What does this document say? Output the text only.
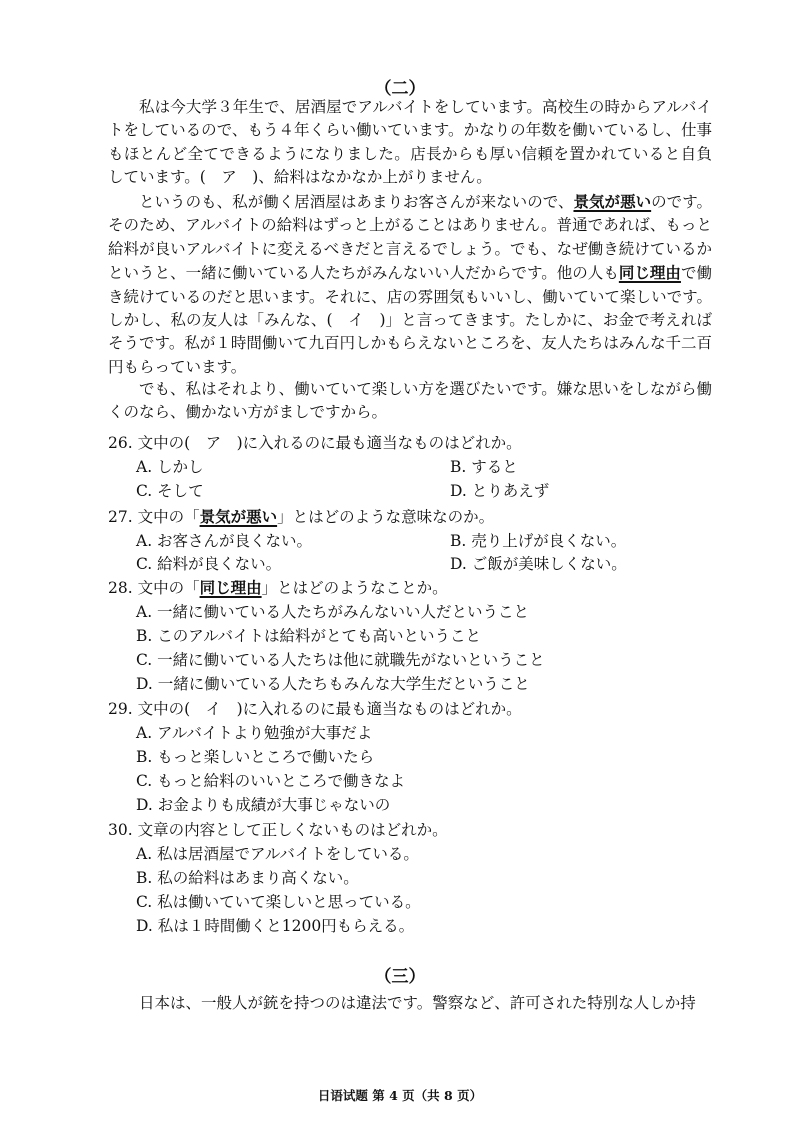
（二）
私は今大学３年生で、居酒屋でアルバイトをしています。高校生の時からアルバイトをしているので、もう４年くらい働いています。かなりの年数を働いているし、仕事もほとんど全てできるようになりました。店長からも厚い信頼を置かれていると自負しています。(　ア　)、給料はなかなか上がりません。
というのも、私が働く居酒屋はあまりお客さんが来ないので、景気が悪いのです。そのため、アルバイトの給料はずっと上がることはありません。普通であれば、もっと給料が良いアルバイトに変えるべきだと言えるでしょう。でも、なぜ働き続けているかというと、一緒に働いている人たちがみんないい人だからです。他の人も同じ理由で働き続けているのだと思います。それに、店の雰囲気もいいし、働いていて楽しいです。しかし、私の友人は「みんな、(　イ　)」と言ってきます。たしかに、お金で考えればそうです。私が１時間働いて九百円しかもらえないところを、友人たちはみんな千二百円もらっています。
でも、私はそれより、働いていて楽しい方を選びたいです。嫌な思いをしながら働くのなら、働かない方がましですから。
26. 文中の(　ア　)に入れるのに最も適当なものはどれか。
A. しかし	B. すると
C. そして	D. とりあえず
27. 文中の「景気が悪い」とはどのような意味なのか。
A. お客さんが良くない。	B. 売り上げが良くない。
C. 給料が良くない。	D. ご飯が美味しくない。
28. 文中の「同じ理由」とはどのようなことか。
A. 一緒に働いている人たちがみんないい人だということ
B. このアルバイトは給料がとても高いということ
C. 一緒に働いている人たちは他に就職先がないということ
D. 一緒に働いている人たちもみんな大学生だということ
29. 文中の(　イ　)に入れるのに最も適当なものはどれか。
A. アルバイトより勉強が大事だよ
B. もっと楽しいところで働いたら
C. もっと給料のいいところで働きなよ
D. お金よりも成績が大事じゃないの
30. 文章の内容として正しくないものはどれか。
A. 私は居酒屋でアルバイトをしている。
B. 私の給料はあまり高くない。
C. 私は働いていて楽しいと思っている。
D. 私は１時間働くと1200円もらえる。
（三）
日本は、一般人が銃を持つのは違法です。警察など、許可された特別な人しか持
日语试题 第 4 页（共 8 页）
